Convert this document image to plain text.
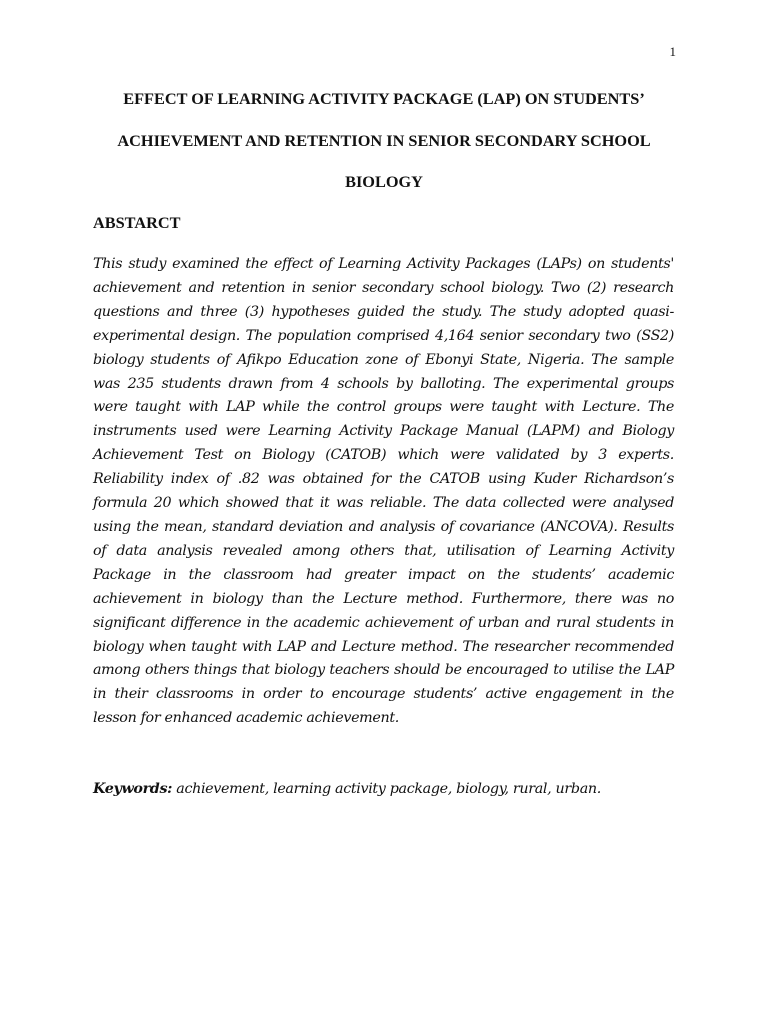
1
EFFECT OF LEARNING ACTIVITY PACKAGE (LAP) ON STUDENTS’
ACHIEVEMENT AND RETENTION IN SENIOR SECONDARY SCHOOL
BIOLOGY
ABSTARCT

This study examined the effect of Learning Activity Packages (LAPs) on students' achievement and retention in senior secondary school biology. Two (2) research questions and three (3) hypotheses guided the study. The study adopted quasi-experimental design. The population comprised 4,164 senior secondary two (SS2) biology students of Afikpo Education zone of Ebonyi State, Nigeria. The sample was 235 students drawn from 4 schools by balloting. The experimental groups were taught with LAP while the control groups were taught with Lecture. The instruments used were Learning Activity Package Manual (LAPM) and Biology Achievement Test on Biology (CATOB) which were validated by 3 experts. Reliability index of .82 was obtained for the CATOB using Kuder Richardson’s formula 20 which showed that it was reliable. The data collected were analysed using the mean, standard deviation and analysis of covariance (ANCOVA). Results of data analysis revealed among others that, utilisation of Learning Activity Package in the classroom had greater impact on the students’ academic achievement in biology than the Lecture method. Furthermore, there was no significant difference in the academic achievement of urban and rural students in biology when taught with LAP and Lecture method. The researcher recommended among others things that biology teachers should be encouraged to utilise the LAP in their classrooms in order to encourage students’ active engagement in the lesson for enhanced academic achievement.

Keywords: achievement, learning activity package, biology, rural, urban.
